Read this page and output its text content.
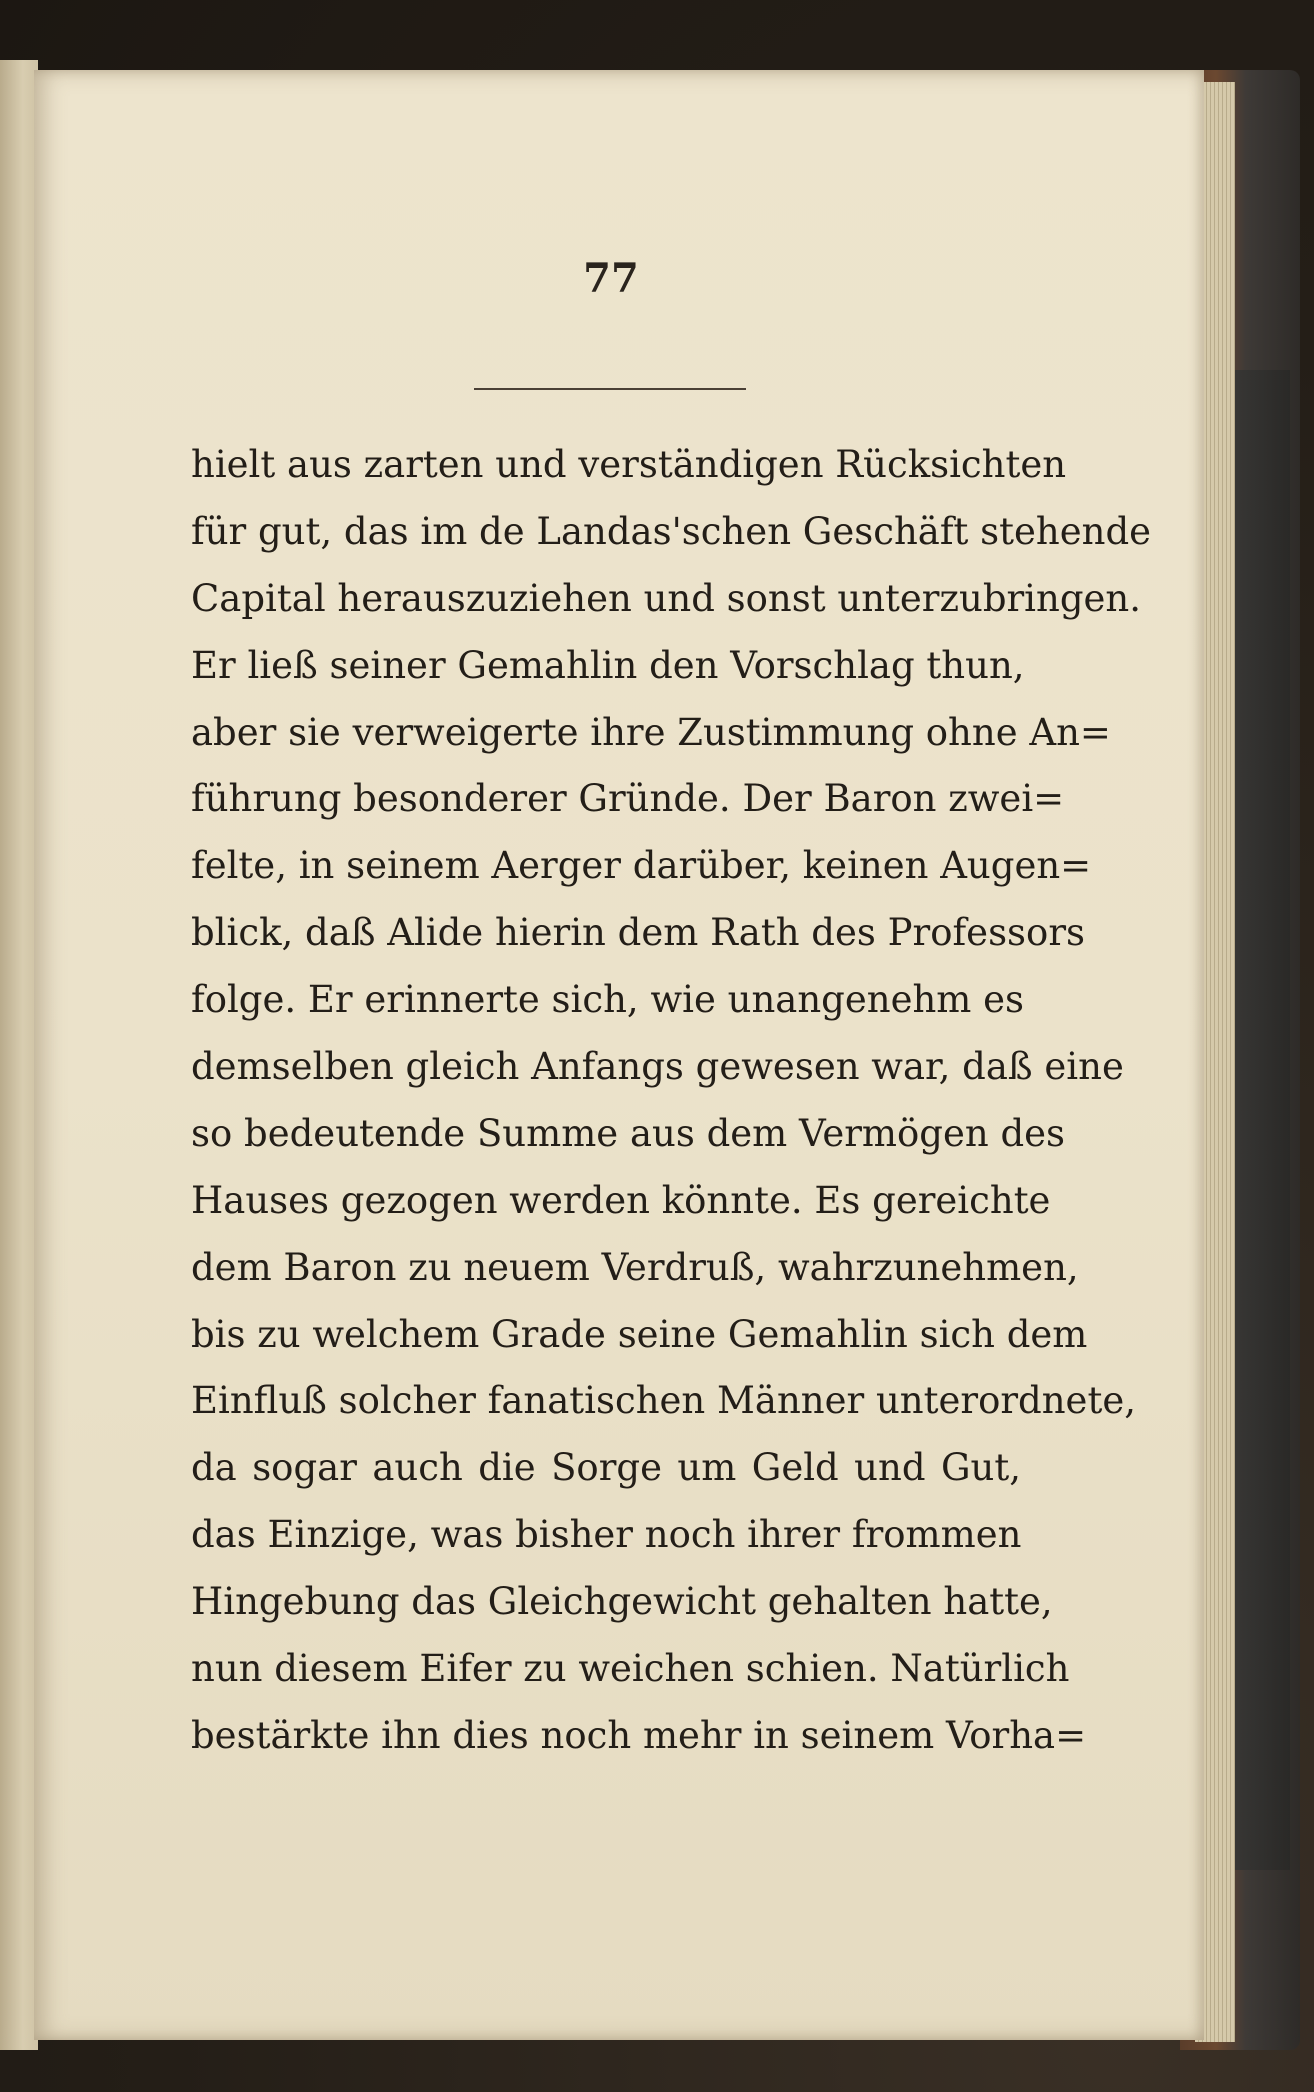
77
hielt aus zarten und verständigen Rücksichten
für gut, das im de Landas'schen Geschäft stehende
Capital herauszuziehen und sonst unterzubringen.
Er ließ seiner Gemahlin den Vorschlag thun,
aber sie verweigerte ihre Zustimmung ohne An=
führung besonderer Gründe. Der Baron zwei=
felte, in seinem Aerger darüber, keinen Augen=
blick, daß Alide hierin dem Rath des Professors
folge. Er erinnerte sich, wie unangenehm es
demselben gleich Anfangs gewesen war, daß eine
so bedeutende Summe aus dem Vermögen des
Hauses gezogen werden könnte. Es gereichte
dem Baron zu neuem Verdruß, wahrzunehmen,
bis zu welchem Grade seine Gemahlin sich dem
Einfluß solcher fanatischen Männer unterordnete,
da sogar auch die Sorge um Geld und Gut,
das Einzige, was bisher noch ihrer frommen
Hingebung das Gleichgewicht gehalten hatte,
nun diesem Eifer zu weichen schien. Natürlich
bestärkte ihn dies noch mehr in seinem Vorha=
